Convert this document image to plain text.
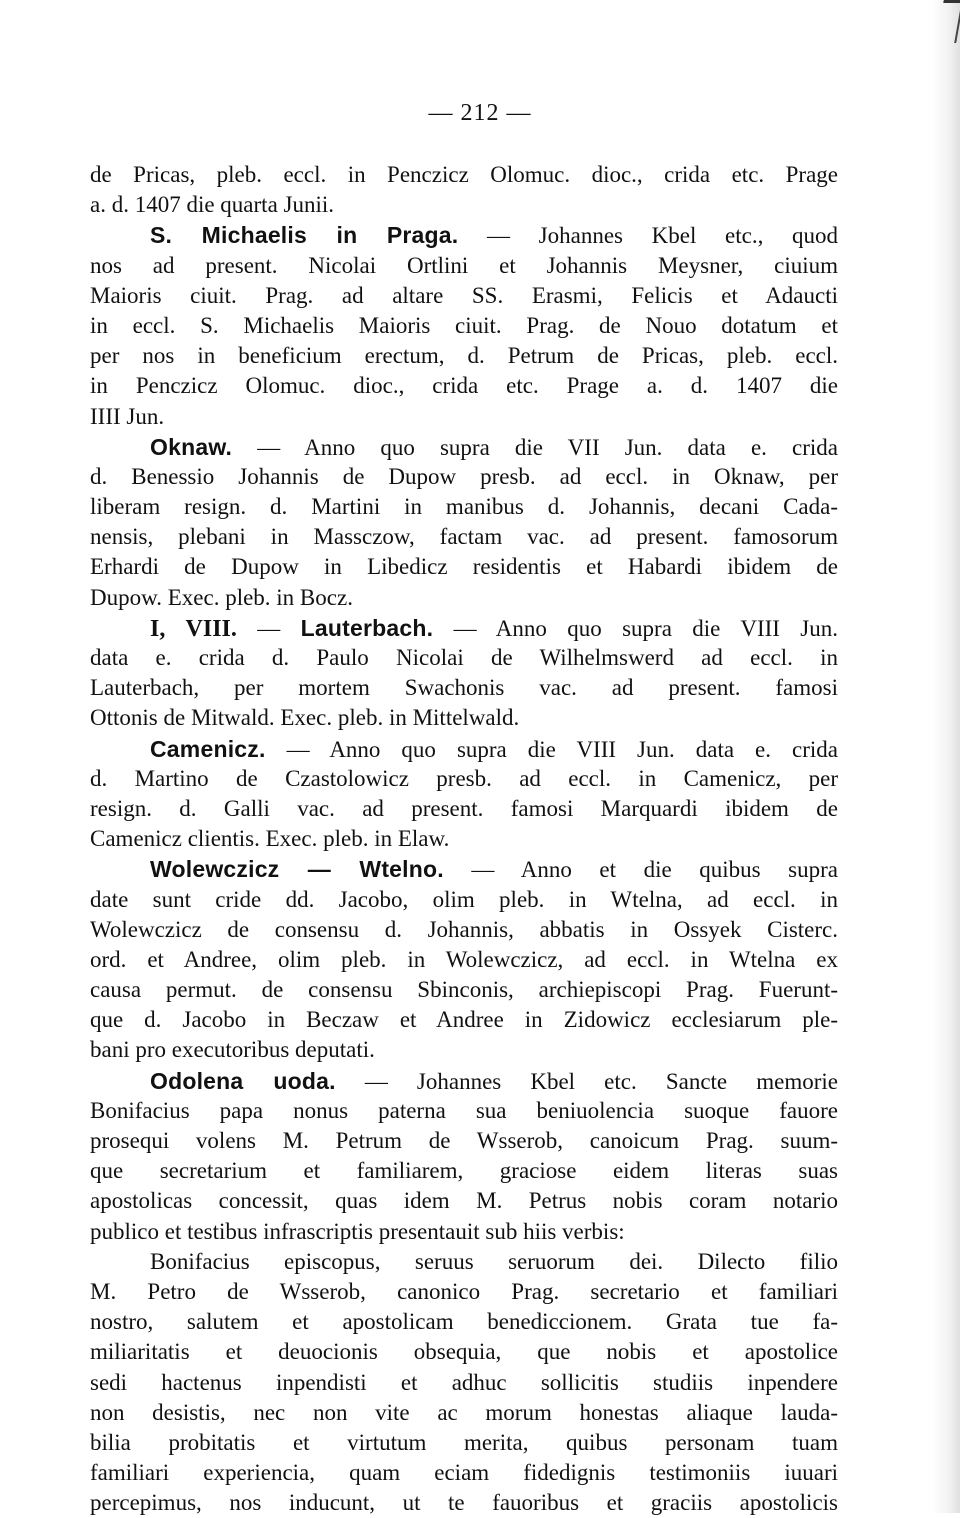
— 212 —
de Pricas, pleb. eccl. in Penczicz Olomuc. dioc., crida etc. Prage
a. d. 1407 die quarta Junii.
S. Michaelis in Praga. — Johannes Kbel etc., quod
nos ad present. Nicolai Ortlini et Johannis Meysner, ciuium
Maioris ciuit. Prag. ad altare SS. Erasmi, Felicis et Adaucti
in eccl. S. Michaelis Maioris ciuit. Prag. de Nouo dotatum et
per nos in beneficium erectum, d. Petrum de Pricas, pleb. eccl.
in Penczicz Olomuc. dioc., crida etc. Prage a. d. 1407 die
IIII Jun.
Oknaw. — Anno quo supra die VII Jun. data e. crida
d. Benessio Johannis de Dupow presb. ad eccl. in Oknaw, per
liberam resign. d. Martini in manibus d. Johannis, decani Cada-
nensis, plebani in Massczow, factam vac. ad present. famosorum
Erhardi de Dupow in Libedicz residentis et Habardi ibidem de
Dupow. Exec. pleb. in Bocz.
I, VIII. — Lauterbach. — Anno quo supra die VIII Jun.
data e. crida d. Paulo Nicolai de Wilhelmswerd ad eccl. in
Lauterbach, per mortem Swachonis vac. ad present. famosi
Ottonis de Mitwald. Exec. pleb. in Mittelwald.
Camenicz. — Anno quo supra die VIII Jun. data e. crida
d. Martino de Czastolowicz presb. ad eccl. in Camenicz, per
resign. d. Galli vac. ad present. famosi Marquardi ibidem de
Camenicz clientis. Exec. pleb. in Elaw.
Wolewczicz — Wtelno. — Anno et die quibus supra
date sunt cride dd. Jacobo, olim pleb. in Wtelna, ad eccl. in
Wolewczicz de consensu d. Johannis, abbatis in Ossyek Cisterc.
ord. et Andree, olim pleb. in Wolewczicz, ad eccl. in Wtelna ex
causa permut. de consensu Sbinconis, archiepiscopi Prag. Fuerunt-
que d. Jacobo in Beczaw et Andree in Zidowicz ecclesiarum ple-
bani pro executoribus deputati.
Odolena uoda. — Johannes Kbel etc. Sancte memorie
Bonifacius papa nonus paterna sua beniuolencia suoque fauore
prosequi volens M. Petrum de Wsserob, canoicum Prag. suum-
que secretarium et familiarem, graciose eidem literas suas
apostolicas concessit, quas idem M. Petrus nobis coram notario
publico et testibus infrascriptis presentauit sub hiis verbis:
Bonifacius episcopus, seruus seruorum dei. Dilecto filio
M. Petro de Wsserob, canonico Prag. secretario et familiari
nostro, salutem et apostolicam benediccionem. Grata tue fa-
miliaritatis et deuocionis obsequia, que nobis et apostolice
sedi hactenus inpendisti et adhuc sollicitis studiis inpendere
non desistis, nec non vite ac morum honestas aliaque lauda-
bilia probitatis et virtutum merita, quibus personam tuam
familiari experiencia, quam eciam fidedignis testimoniis iuuari
percepimus, nos inducunt, ut te fauoribus et graciis apostolicis
